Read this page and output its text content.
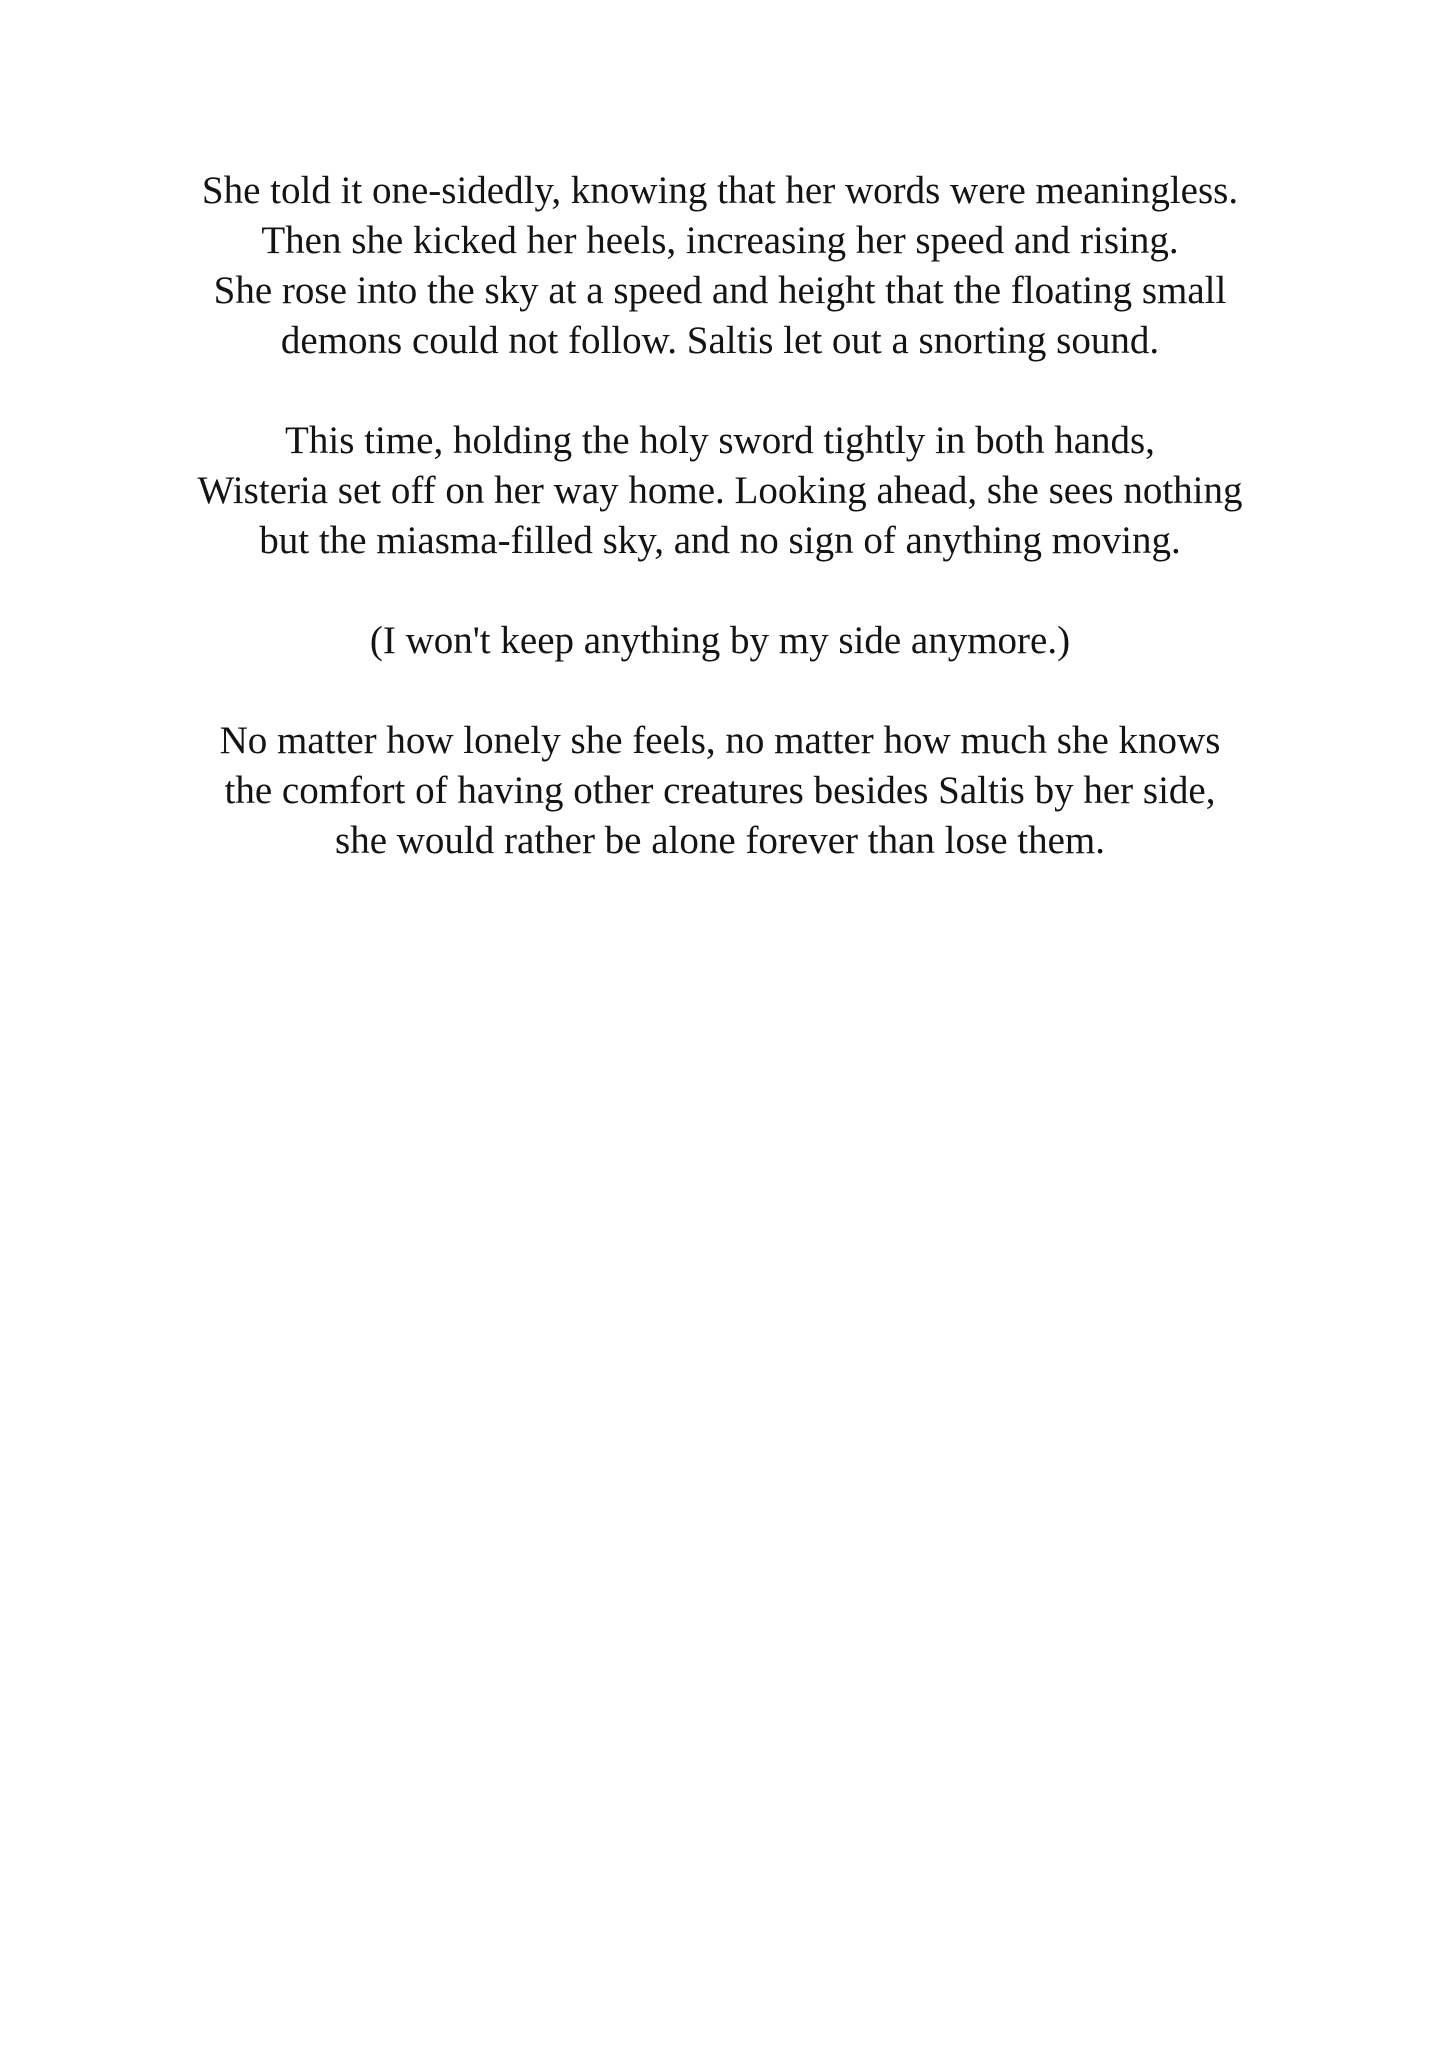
She told it one-sidedly, knowing that her words were meaningless.
Then she kicked her heels, increasing her speed and rising.
She rose into the sky at a speed and height that the floating small
demons could not follow. Saltis let out a snorting sound.

This time, holding the holy sword tightly in both hands,
Wisteria set off on her way home. Looking ahead, she sees nothing
but the miasma-filled sky, and no sign of anything moving.

(I won't keep anything by my side anymore.)

No matter how lonely she feels, no matter how much she knows
the comfort of having other creatures besides Saltis by her side,
she would rather be alone forever than lose them.
